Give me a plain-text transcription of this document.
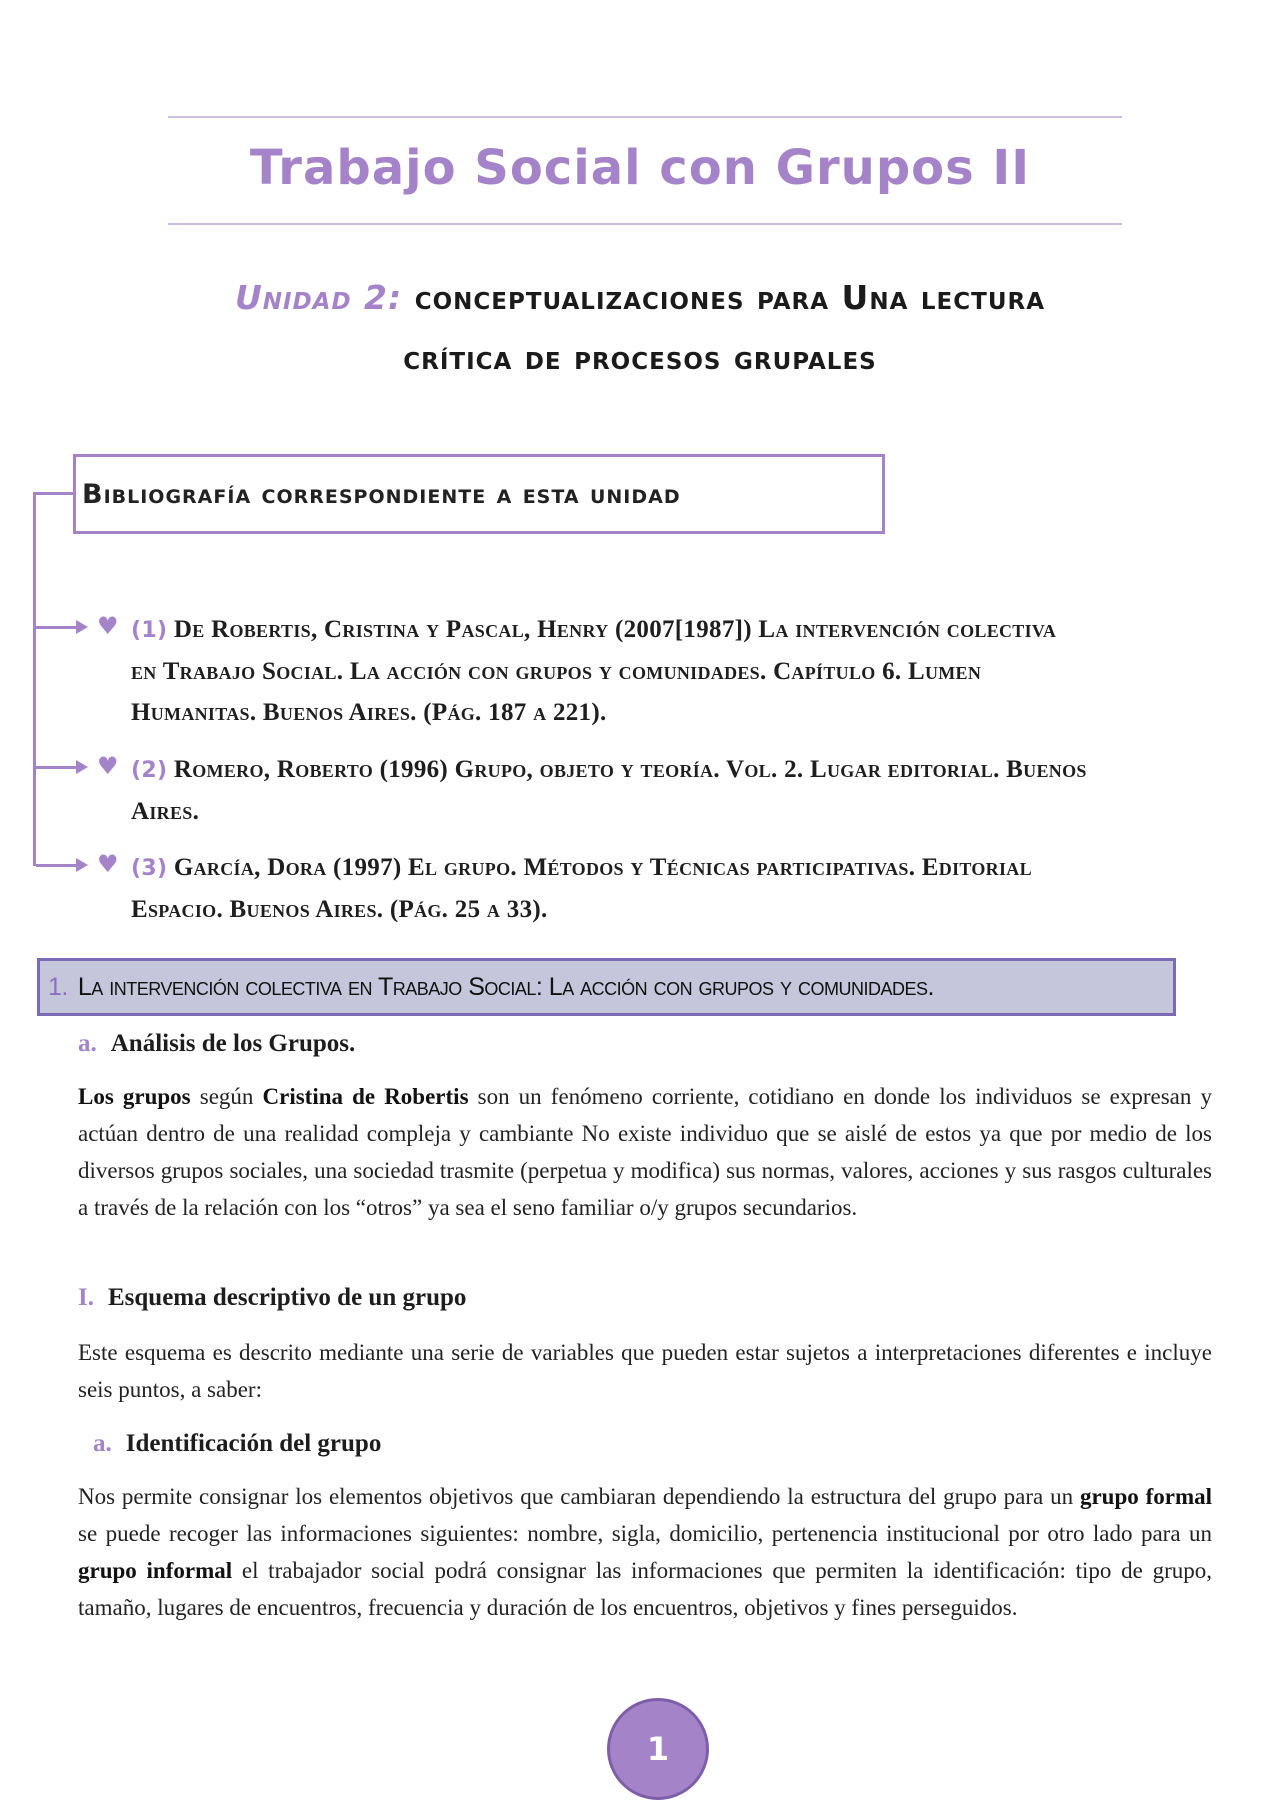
Trabajo Social con Grupos II
Unidad 2: conceptualizaciones para Una lectura
crítica de procesos grupales
Bibliografía correspondiente a esta unidad
♥ (1) De Robertis, Cristina y Pascal, Henry (2007[1987]) La intervención colectiva
en Trabajo Social. La acción con grupos y comunidades. Capítulo 6. Lumen
Humanitas. Buenos Aires. (Pág. 187 a 221).
♥ (2) Romero, Roberto (1996) Grupo, objeto y teoría. Vol. 2. Lugar editorial. Buenos
Aires.
♥ (3) García, Dora (1997) El grupo. Métodos y Técnicas participativas. Editorial
Espacio. Buenos Aires. (Pág. 25 a 33).
1. La intervención colectiva en Trabajo Social: La acción con grupos y comunidades.
a. Análisis de los Grupos.
Los grupos según Cristina de Robertis son un fenómeno corriente, cotidiano en donde los individuos se expresan y actúan dentro de una realidad compleja y cambiante No existe individuo que se aislé de estos ya que por medio de los diversos grupos sociales, una sociedad trasmite (perpetua y modifica) sus normas, valores, acciones y sus rasgos culturales a través de la relación con los “otros” ya sea el seno familiar o/y grupos secundarios.
I. Esquema descriptivo de un grupo
Este esquema es descrito mediante una serie de variables que pueden estar sujetos a interpretaciones diferentes e incluye seis puntos, a saber:
a. Identificación del grupo
Nos permite consignar los elementos objetivos que cambiaran dependiendo la estructura del grupo para un grupo formal se puede recoger las informaciones siguientes: nombre, sigla, domicilio, pertenencia institucional por otro lado para un grupo informal el trabajador social podrá consignar las informaciones que permiten la identificación: tipo de grupo, tamaño, lugares de encuentros, frecuencia y duración de los encuentros, objetivos y fines perseguidos.
1
